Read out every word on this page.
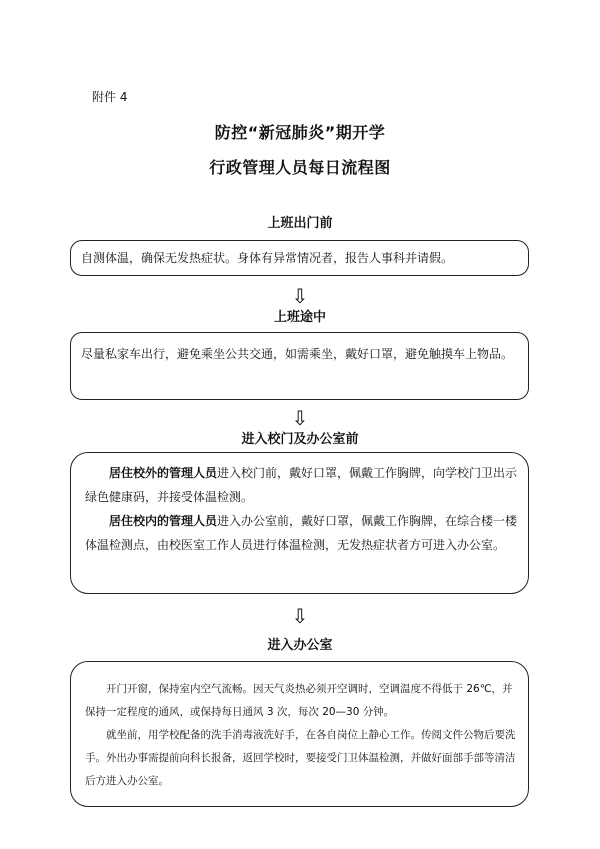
附件 4
防控“新冠肺炎”期开学
行政管理人员每日流程图
上班出门前
自测体温，确保无发热症状。身体有异常情况者，报告人事科并请假。
⇩
上班途中
尽量私家车出行，避免乘坐公共交通，如需乘坐，戴好口罩，避免触摸车上物品。
⇩
进入校门及办公室前

居住校外的管理人员进入校门前，戴好口罩，佩戴工作胸牌，向学校门卫出示绿色健康码，并接受体温检测。

居住校内的管理人员进入办公室前，戴好口罩，佩戴工作胸牌，在综合楼一楼体温检测点，由校医室工作人员进行体温检测，无发热症状者方可进入办公室。

⇩
进入办公室

开门开窗，保持室内空气流畅。因天气炎热必须开空调时，空调温度不得低于 26℃，并保持一定程度的通风，或保持每日通风 3 次，每次 20—30 分钟。

就坐前，用学校配备的洗手消毒液洗好手，在各自岗位上静心工作。传阅文件公物后要洗手。外出办事需提前向科长报备，返回学校时，要接受门卫体温检测，并做好面部手部等清洁后方进入办公室。
